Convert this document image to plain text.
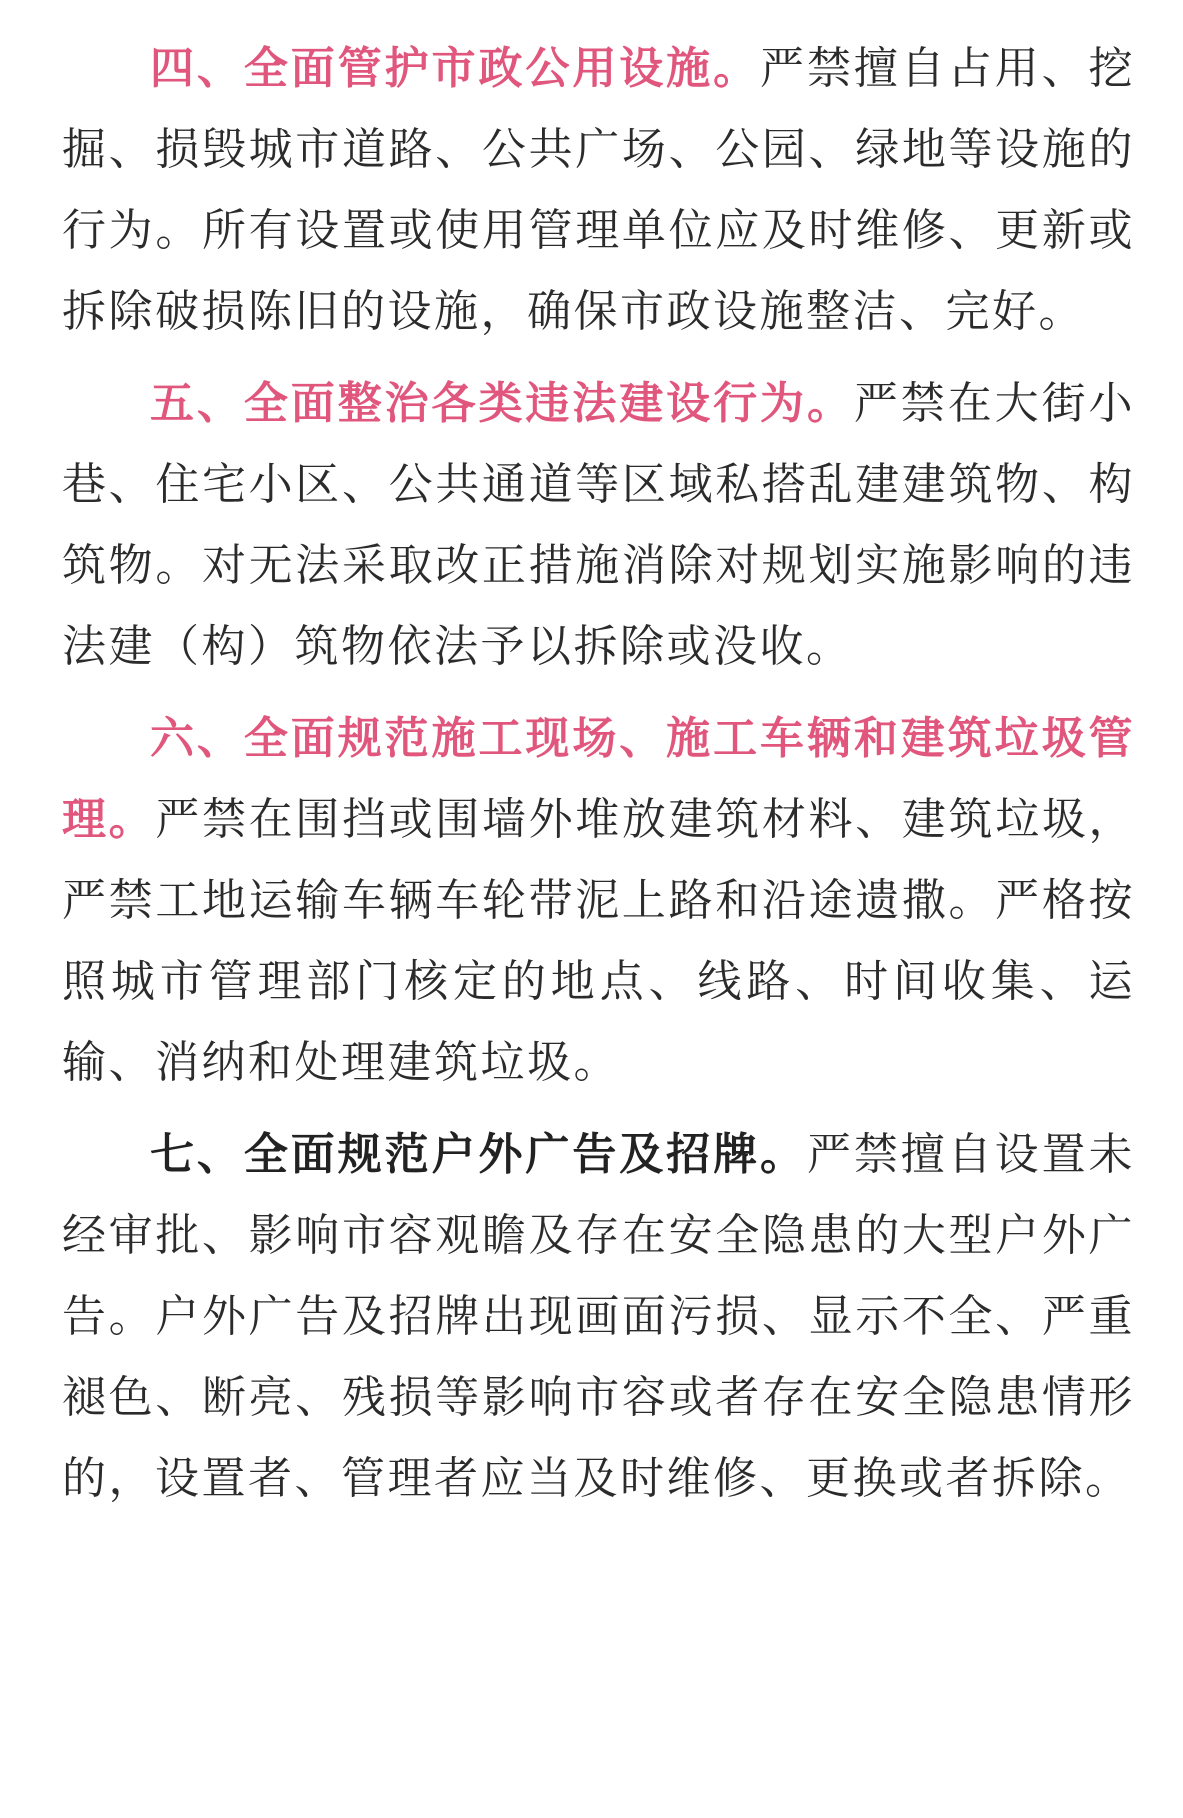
四、全面管护市政公用设施。严禁擅自占用、挖掘、损毁城市道路、公共广场、公园、绿地等设施的行为。所有设置或使用管理单位应及时维修、更新或拆除破损陈旧的设施，确保市政设施整洁、完好。

五、全面整治各类违法建设行为。严禁在大街小巷、住宅小区、公共通道等区域私搭乱建建筑物、构筑物。对无法采取改正措施消除对规划实施影响的违法建（构）筑物依法予以拆除或没收。

六、全面规范施工现场、施工车辆和建筑垃圾管理。严禁在围挡或围墙外堆放建筑材料、建筑垃圾，严禁工地运输车辆车轮带泥上路和沿途遗撒。严格按照城市管理部门核定的地点、线路、时间收集、运输、消纳和处理建筑垃圾。

七、全面规范户外广告及招牌。严禁擅自设置未经审批、影响市容观瞻及存在安全隐患的大型户外广告。户外广告及招牌出现画面污损、显示不全、严重褪色、断亮、残损等影响市容或者存在安全隐患情形的，设置者、管理者应当及时维修、更换或者拆除。
